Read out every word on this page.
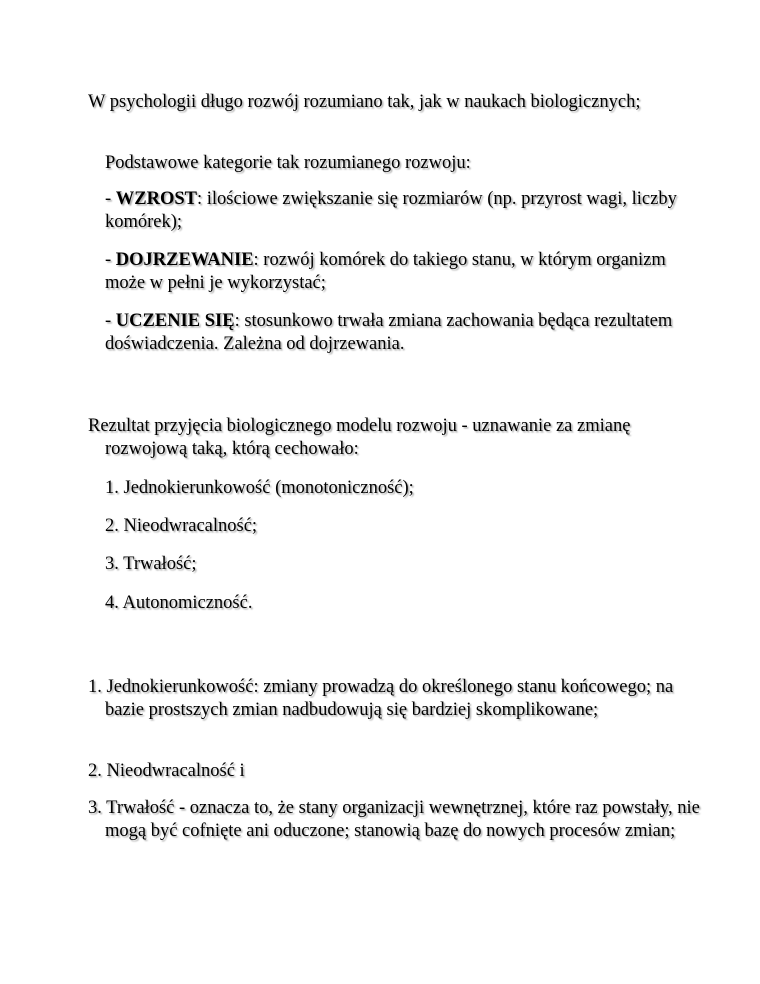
W psychologii długo rozwój rozumiano tak, jak w naukach biologicznych;

Podstawowe kategorie tak rozumianego rozwoju:

- WZROST: ilościowe zwiększanie się rozmiarów (np. przyrost wagi, liczby komórek);

- DOJRZEWANIE: rozwój komórek do takiego stanu, w którym organizm może w pełni je wykorzystać;

- UCZENIE SIĘ: stosunkowo trwała zmiana zachowania będąca rezultatem doświadczenia. Zależna od dojrzewania.

Rezultat przyjęcia biologicznego modelu rozwoju - uznawanie za zmianę rozwojową taką, którą cechowało:

1. Jednokierunkowość (monotoniczność);

2. Nieodwracalność;

3. Trwałość;

4. Autonomiczność.

1. Jednokierunkowość: zmiany prowadzą do określonego stanu końcowego; na bazie prostszych zmian nadbudowują się bardziej skomplikowane;

2. Nieodwracalność i

3. Trwałość - oznacza to, że stany organizacji wewnętrznej, które raz powstały, nie mogą być cofnięte ani oduczone; stanowią bazę do nowych procesów zmian;
